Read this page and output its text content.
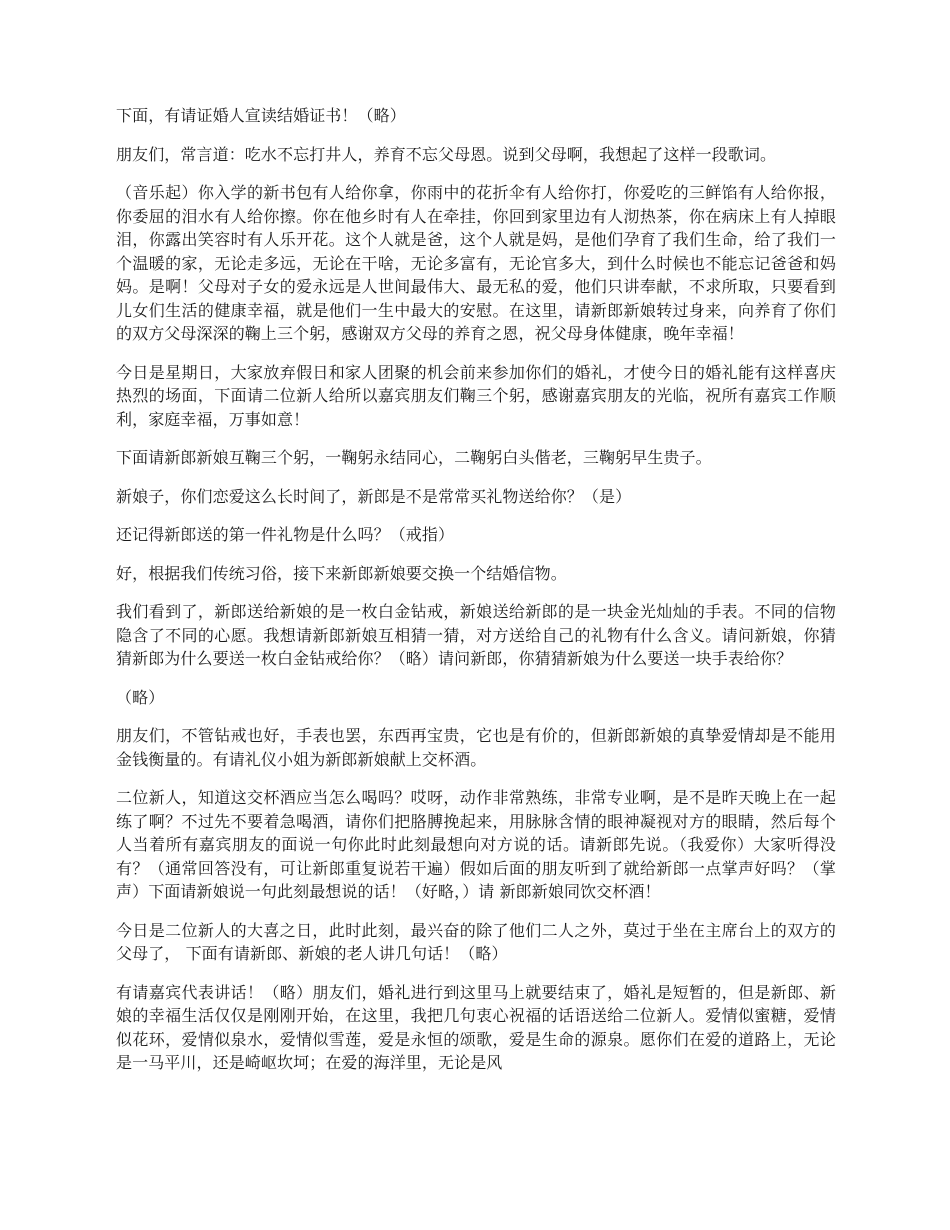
下面，有请证婚人宣读结婚证书！（略）

朋友们，常言道：吃水不忘打井人，养育不忘父母恩。说到父母啊，我想起了这样一段歌词。

（音乐起）你入学的新书包有人给你拿，你雨中的花折伞有人给你打，你爱吃的三鲜馅有人给你报，你委屈的泪水有人给你擦。你在他乡时有人在牵挂，你回到家里边有人沏热茶，你在病床上有人掉眼泪，你露出笑容时有人乐开花。这个人就是爸，这个人就是妈，是他们孕育了我们生命，给了我们一个温暖的家，无论走多远，无论在干啥，无论多富有，无论官多大，到什么时候也不能忘记爸爸和妈妈。是啊！父母对子女的爱永远是人世间最伟大、最无私的爱，他们只讲奉献，不求所取，只要看到儿女们生活的健康幸福，就是他们一生中最大的安慰。在这里，请新郎新娘转过身来，向养育了你们的双方父母深深的鞠上三个躬，感谢双方父母的养育之恩，祝父母身体健康，晚年幸福！

今日是星期日，大家放弃假日和家人团聚的机会前来参加你们的婚礼，才使今日的婚礼能有这样喜庆热烈的场面，下面请二位新人给所以嘉宾朋友们鞠三个躬，感谢嘉宾朋友的光临，祝所有嘉宾工作顺利，家庭幸福，万事如意！

下面请新郎新娘互鞠三个躬，一鞠躬永结同心，二鞠躬白头偕老，三鞠躬早生贵子。

新娘子，你们恋爱这么长时间了，新郎是不是常常买礼物送给你？（是）

还记得新郎送的第一件礼物是什么吗？（戒指）

好，根据我们传统习俗，接下来新郎新娘要交换一个结婚信物。

我们看到了，新郎送给新娘的是一枚白金钻戒，新娘送给新郎的是一块金光灿灿的手表。不同的信物隐含了不同的心愿。我想请新郎新娘互相猜一猜，对方送给自己的礼物有什么含义。请问新娘，你猜猜新郎为什么要送一枚白金钻戒给你？（略）请问新郎，你猜猜新娘为什么要送一块手表给你？

（略）

朋友们，不管钻戒也好，手表也罢，东西再宝贵，它也是有价的，但新郎新娘的真挚爱情却是不能用金钱衡量的。有请礼仪小姐为新郎新娘献上交杯酒。

二位新人，知道这交杯酒应当怎么喝吗？哎呀，动作非常熟练，非常专业啊，是不是昨天晚上在一起练了啊？不过先不要着急喝酒，请你们把胳膊挽起来，用脉脉含情的眼神凝视对方的眼睛，然后每个人当着所有嘉宾朋友的面说一句你此时此刻最想向对方说的话。请新郎先说。（我爱你）大家听得没有？（通常回答没有，可让新郎重复说若干遍）假如后面的朋友听到了就给新郎一点掌声好吗？（掌声）下面请新娘说一句此刻最想说的话！（好略，）请 新郎新娘同饮交杯酒！

今日是二位新人的大喜之日，此时此刻，最兴奋的除了他们二人之外，莫过于坐在主席台上的双方的父母了， 下面有请新郎、新娘的老人讲几句话！（略）

有请嘉宾代表讲话！（略）朋友们，婚礼进行到这里马上就要结束了，婚礼是短暂的，但是新郎、新娘的幸福生活仅仅是刚刚开始，在这里，我把几句衷心祝福的话语送给二位新人。爱情似蜜糖，爱情似花环，爱情似泉水，爱情似雪莲，爱是永恒的颂歌，爱是生命的源泉。愿你们在爱的道路上，无论是一马平川，还是崎岖坎坷；在爱的海洋里，无论是风
